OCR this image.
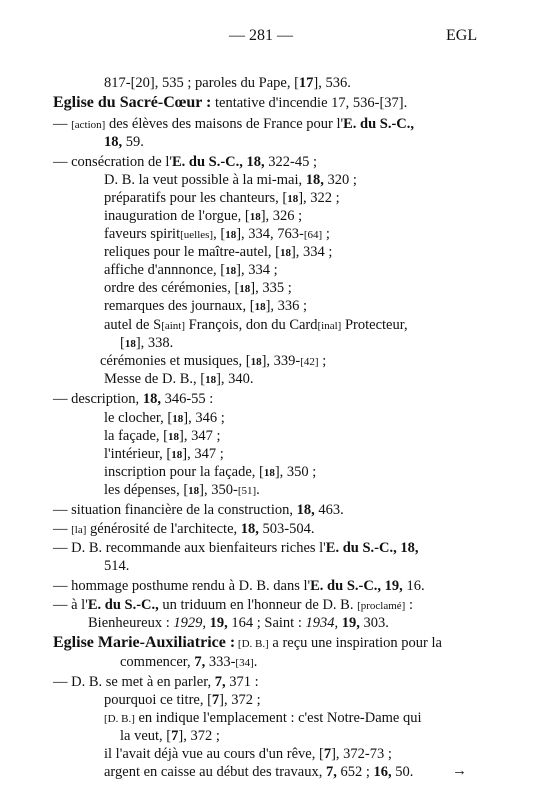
— 281 —	EGL
817-[20], 535 ; paroles du Pape, [17], 536.
Eglise du Sacré-Cœur : tentative d'incendie 17, 536-[37].
— [action] des élèves des maisons de France pour l'E. du S.-C.,
18, 59.
— consécration de l'E. du S.-C., 18, 322-45 ;
D. B. la veut possible à la mi-mai, 18, 320 ;
préparatifs pour les chanteurs, [18], 322 ;
inauguration de l'orgue, [18], 326 ;
faveurs spirit[uelles], [18], 334, 763-[64] ;
reliques pour le maître-autel, [18], 334 ;
affiche d'annnonce, [18], 334 ;
ordre des cérémonies, [18], 335 ;
remarques des journaux, [18], 336 ;
autel de S[aint] François, don du Card[inal] Protecteur,
[18], 338.
cérémonies et musiques, [18], 339-[42] ;
Messe de D. B., [18], 340.
— description, 18, 346-55 :
le clocher, [18], 346 ;
la façade, [18], 347 ;
l'intérieur, [18], 347 ;
inscription pour la façade, [18], 350 ;
les dépenses, [18], 350-[51].
— situation financière de la construction, 18, 463.
— [la] générosité de l'architecte, 18, 503-504.
— D. B. recommande aux bienfaiteurs riches l'E. du S.-C., 18,
514.
— hommage posthume rendu à D. B. dans l'E. du S.-C., 19, 16.
— à l'E. du S.-C., un triduum en l'honneur de D. B. [proclamé] :
Bienheureux : 1929, 19, 164 ; Saint : 1934, 19, 303.
Eglise Marie-Auxiliatrice : [D. B.] a reçu une inspiration pour la
commencer, 7, 333-[34].
— D. B. se met à en parler, 7, 371 :
pourquoi ce titre, [7], 372 ;
[D. B.] en indique l'emplacement : c'est Notre-Dame qui
la veut, [7], 372 ;
il l'avait déjà vue au cours d'un rêve, [7], 372-73 ;
argent en caisse au début des travaux, 7, 652 ; 16, 50.	→
